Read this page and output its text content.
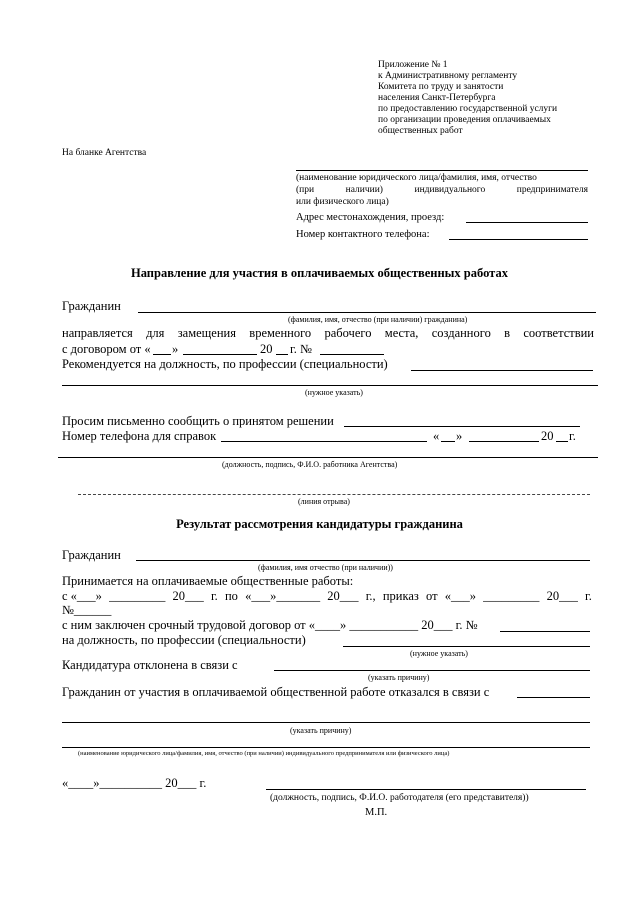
Приложение № 1
к Административному регламенту
Комитета по труду и занятости
населения Санкт-Петербурга
по предоставлению государственной услуги
по организации проведения оплачиваемых
общественных работ
На бланке Агентства
(наименование юридического лица/фамилия, имя, отчество
(при	наличии)	индивидуального	предпринимателя
или физического лица)
Адрес местонахождения, проезд:
Номер контактного телефона:
Направление для участия в оплачиваемых общественных работах
Гражданин
(фамилия, имя, отчество (при наличии) гражданина)
направляется для замещения временного рабочего места, созданного в соответствии
с договором от « »	20 г. №
Рекомендуется на должность, по профессии (специальности)
(нужное указать)
Просим письменно сообщить о принятом решении
Номер телефона для справок	« »	20 г.
(должность, подпись, Ф.И.О. работника Агентства)
(линия отрыва)
Результат рассмотрения кандидатуры гражданина
Гражданин
(фамилия, имя отчество (при наличии))
Принимается на оплачиваемые общественные работы:
с «___» _________ 20___ г. по «___»_______ 20___ г., приказ от «___» _________ 20___ г.
№______
с ним заключен срочный трудовой договор от «____» ___________ 20___ г. №
на должность, по профессии (специальности)
(нужное указать)
Кандидатура отклонена в связи с
(указать причину)
Гражданин от участия в оплачиваемой общественной работе отказался в связи с
(указать причину)
(наименование юридического лица/фамилия, имя, отчество (при наличии) индивидуального предпринимателя или физического лица)
«____»__________ 20___ г.
(должность, подпись, Ф.И.О. работодателя (его представителя))
М.П.
